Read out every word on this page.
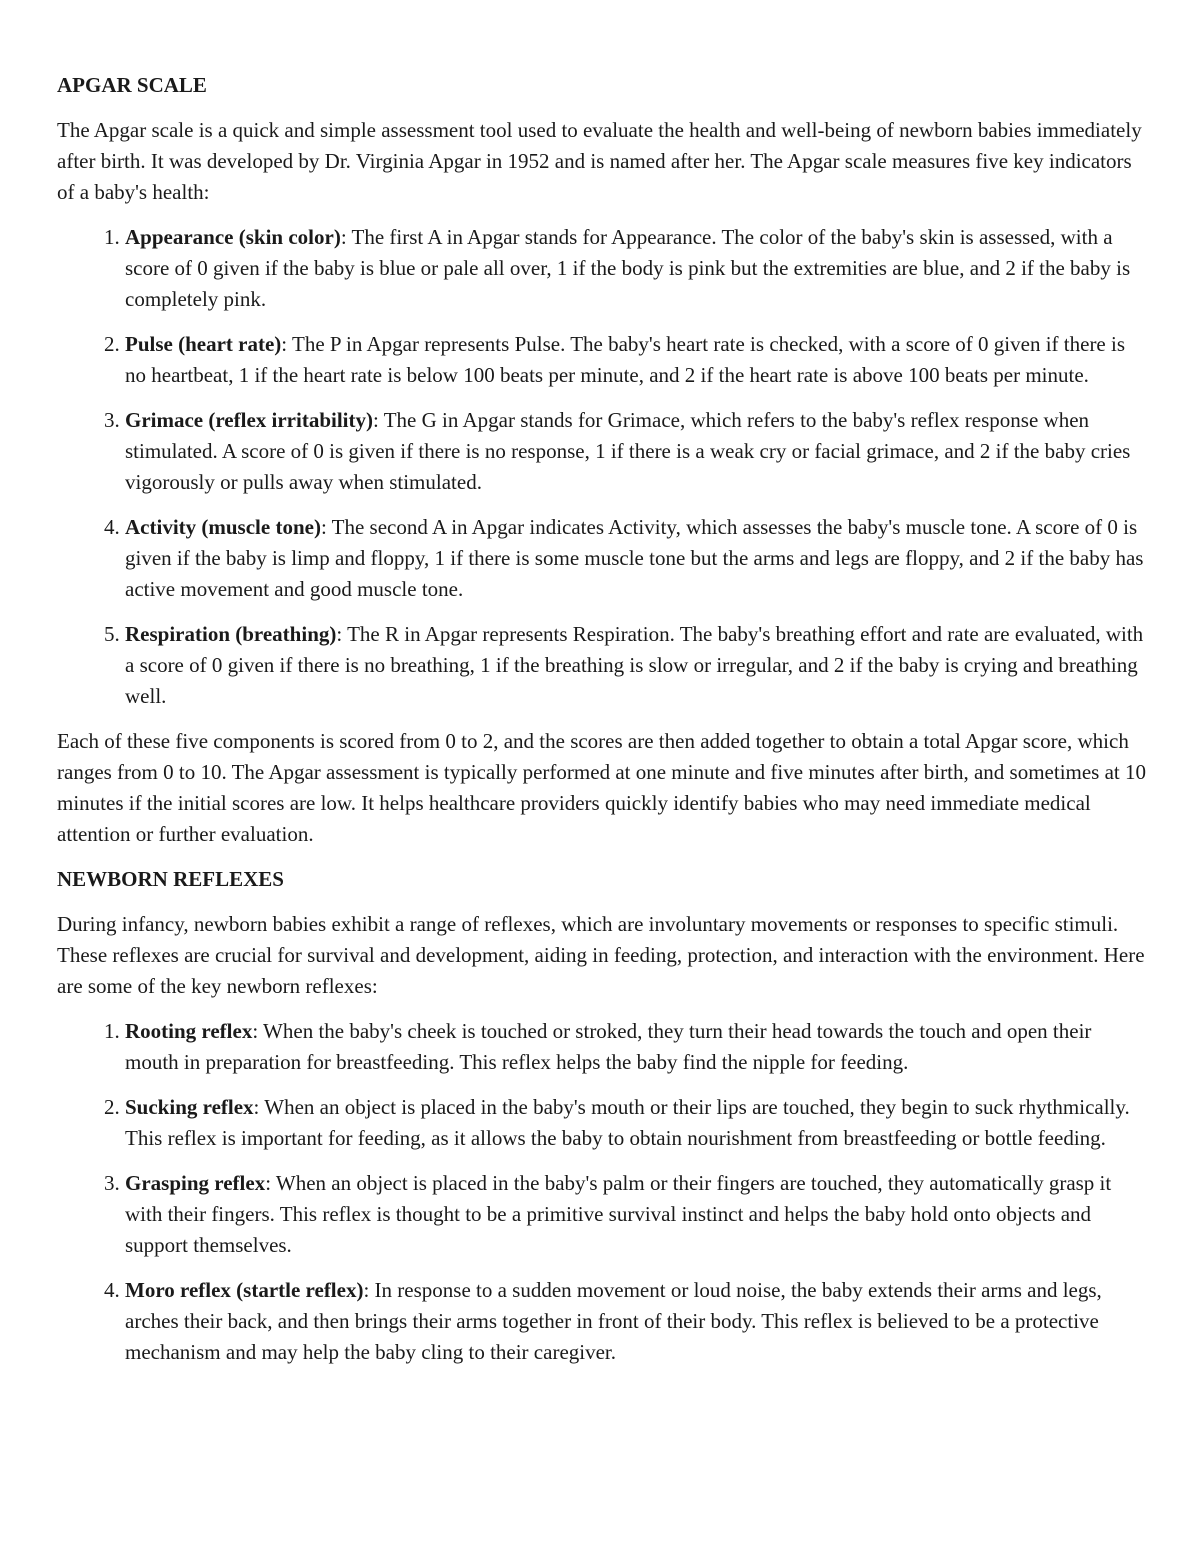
APGAR SCALE

The Apgar scale is a quick and simple assessment tool used to evaluate the health and well-being of newborn babies immediately after birth. It was developed by Dr. Virginia Apgar in 1952 and is named after her. The Apgar scale measures five key indicators of a baby's health:

1. Appearance (skin color): The first A in Apgar stands for Appearance. The color of the baby's skin is assessed, with a score of 0 given if the baby is blue or pale all over, 1 if the body is pink but the extremities are blue, and 2 if the baby is completely pink.
2. Pulse (heart rate): The P in Apgar represents Pulse. The baby's heart rate is checked, with a score of 0 given if there is no heartbeat, 1 if the heart rate is below 100 beats per minute, and 2 if the heart rate is above 100 beats per minute.
3. Grimace (reflex irritability): The G in Apgar stands for Grimace, which refers to the baby's reflex response when stimulated. A score of 0 is given if there is no response, 1 if there is a weak cry or facial grimace, and 2 if the baby cries vigorously or pulls away when stimulated.
4. Activity (muscle tone): The second A in Apgar indicates Activity, which assesses the baby's muscle tone. A score of 0 is given if the baby is limp and floppy, 1 if there is some muscle tone but the arms and legs are floppy, and 2 if the baby has active movement and good muscle tone.
5. Respiration (breathing): The R in Apgar represents Respiration. The baby's breathing effort and rate are evaluated, with a score of 0 given if there is no breathing, 1 if the breathing is slow or irregular, and 2 if the baby is crying and breathing well.

Each of these five components is scored from 0 to 2, and the scores are then added together to obtain a total Apgar score, which ranges from 0 to 10. The Apgar assessment is typically performed at one minute and five minutes after birth, and sometimes at 10 minutes if the initial scores are low. It helps healthcare providers quickly identify babies who may need immediate medical attention or further evaluation.

NEWBORN REFLEXES

During infancy, newborn babies exhibit a range of reflexes, which are involuntary movements or responses to specific stimuli. These reflexes are crucial for survival and development, aiding in feeding, protection, and interaction with the environment. Here are some of the key newborn reflexes:

1. Rooting reflex: When the baby's cheek is touched or stroked, they turn their head towards the touch and open their mouth in preparation for breastfeeding. This reflex helps the baby find the nipple for feeding.
2. Sucking reflex: When an object is placed in the baby's mouth or their lips are touched, they begin to suck rhythmically. This reflex is important for feeding, as it allows the baby to obtain nourishment from breastfeeding or bottle feeding.
3. Grasping reflex: When an object is placed in the baby's palm or their fingers are touched, they automatically grasp it with their fingers. This reflex is thought to be a primitive survival instinct and helps the baby hold onto objects and support themselves.
4. Moro reflex (startle reflex): In response to a sudden movement or loud noise, the baby extends their arms and legs, arches their back, and then brings their arms together in front of their body. This reflex is believed to be a protective mechanism and may help the baby cling to their caregiver.
